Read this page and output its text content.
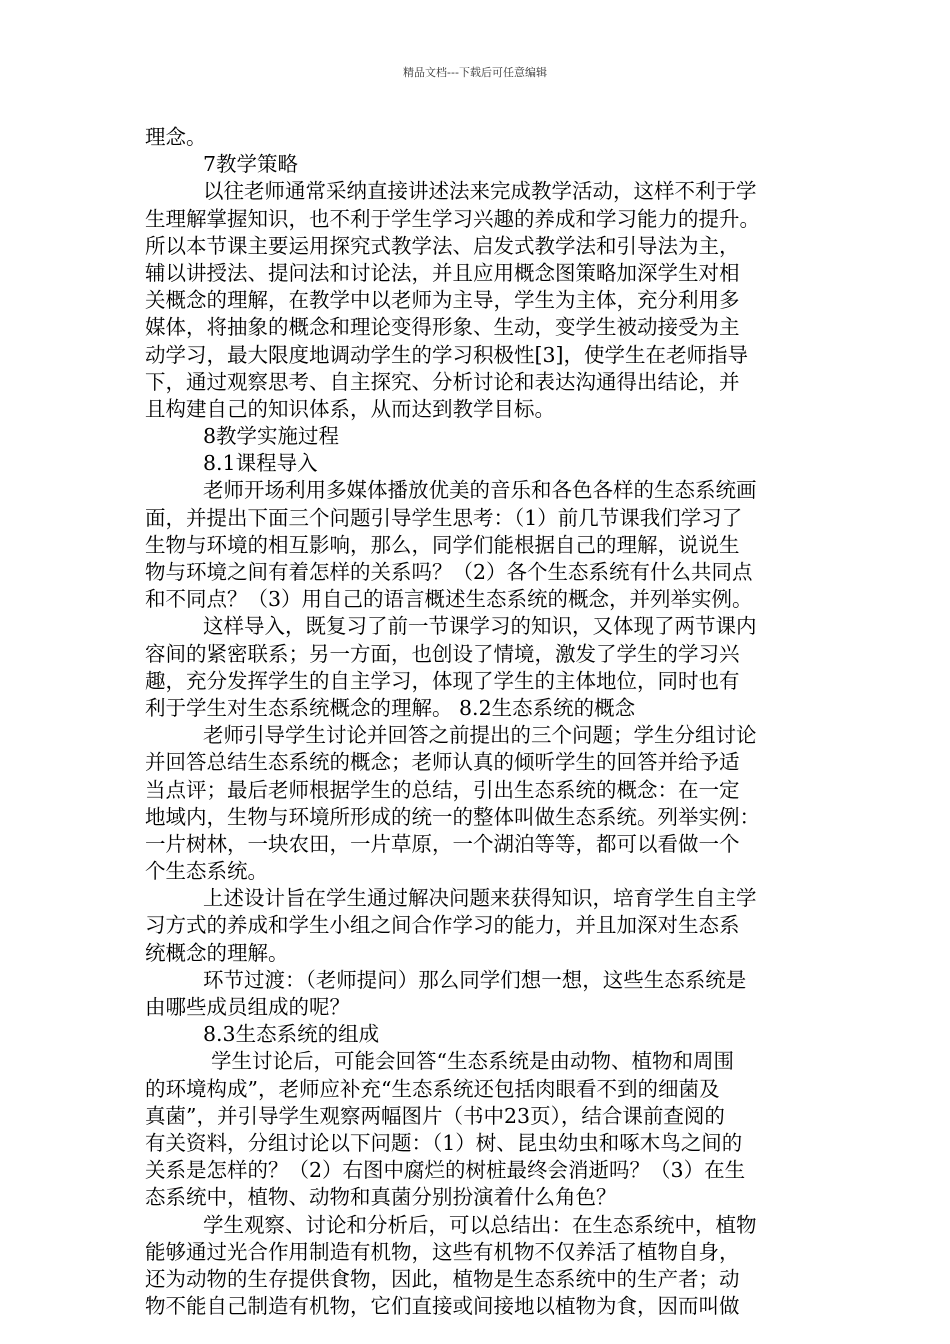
精品文档---下载后可任意编辑
理念。
7教学策略
以往老师通常采纳直接讲述法来完成教学活动，这样不利于学
生理解掌握知识，也不利于学生学习兴趣的养成和学习能力的提升。
所以本节课主要运用探究式教学法、启发式教学法和引导法为主，
辅以讲授法、提问法和讨论法，并且应用概念图策略加深学生对相
关概念的理解，在教学中以老师为主导，学生为主体，充分利用多
媒体，将抽象的概念和理论变得形象、生动，变学生被动接受为主
动学习，最大限度地调动学生的学习积极性[3]，使学生在老师指导
下，通过观察思考、自主探究、分析讨论和表达沟通得出结论，并
且构建自己的知识体系，从而达到教学目标。
8教学实施过程
8.1课程导入
老师开场利用多媒体播放优美的音乐和各色各样的生态系统画
面，并提出下面三个问题引导学生思考：（1）前几节课我们学习了
生物与环境的相互影响，那么，同学们能根据自己的理解，说说生
物与环境之间有着怎样的关系吗？（2）各个生态系统有什么共同点
和不同点？（3）用自己的语言概述生态系统的概念，并列举实例。
这样导入，既复习了前一节课学习的知识，又体现了两节课内
容间的紧密联系；另一方面，也创设了情境，激发了学生的学习兴
趣，充分发挥学生的自主学习，体现了学生的主体地位，同时也有
利于学生对生态系统概念的理解。 8.2生态系统的概念
老师引导学生讨论并回答之前提出的三个问题；学生分组讨论
并回答总结生态系统的概念；老师认真的倾听学生的回答并给予适
当点评；最后老师根据学生的总结，引出生态系统的概念：在一定
地域内，生物与环境所形成的统一的整体叫做生态系统。列举实例：
一片树林，一块农田，一片草原，一个湖泊等等，都可以看做一个
个生态系统。
上述设计旨在学生通过解决问题来获得知识，培育学生自主学
习方式的养成和学生小组之间合作学习的能力，并且加深对生态系
统概念的理解。
环节过渡：（老师提问）那么同学们想一想，这些生态系统是
由哪些成员组成的呢？
8.3生态系统的组成
学生讨论后，可能会回答“生态系统是由动物、植物和周围
的环境构成”，老师应补充“生态系统还包括肉眼看不到的细菌及
真菌”，并引导学生观察两幅图片（书中23页），结合课前查阅的
有关资料，分组讨论以下问题：（1）树、昆虫幼虫和啄木鸟之间的
关系是怎样的？（2）右图中腐烂的树桩最终会消逝吗？（3）在生
态系统中，植物、动物和真菌分别扮演着什么角色？
学生观察、讨论和分析后，可以总结出：在生态系统中，植物
能够通过光合作用制造有机物，这些有机物不仅养活了植物自身，
还为动物的生存提供食物，因此，植物是生态系统中的生产者；动
物不能自己制造有机物，它们直接或间接地以植物为食，因而叫做
